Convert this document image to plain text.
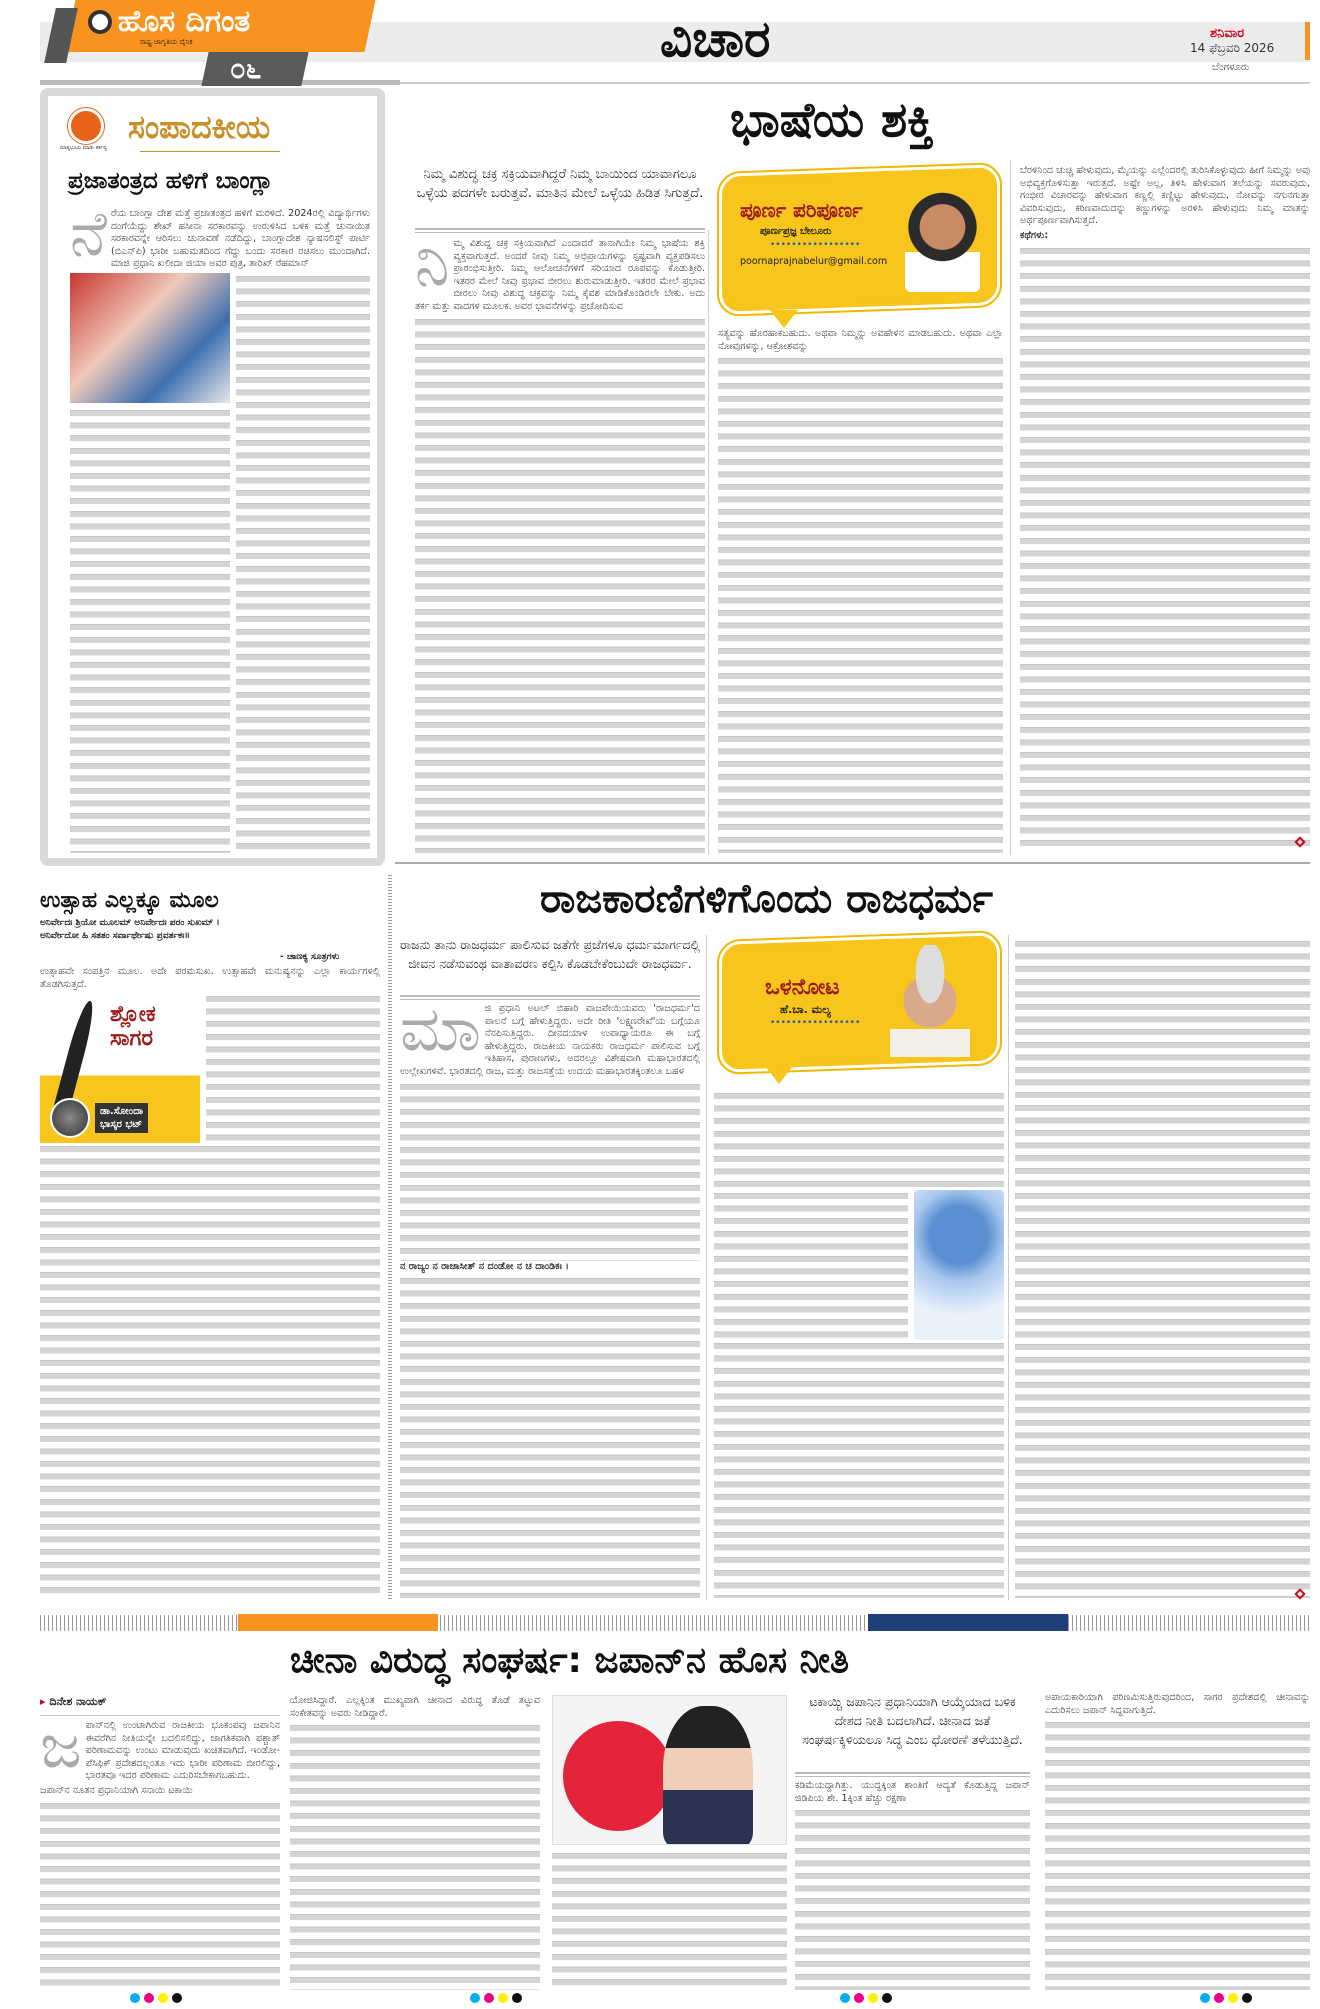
ಹೊಸ ದಿಗಂತ
ರಾಷ್ಟ್ರ ಜಾಗೃತಿಯ ದೈನಿಕ
೦೬
ವಿಚಾರ	ಶನಿವಾರ
14 ಫೆಬ್ರವರಿ 2026
ಬೆಂಗಳೂರು
ಮಾತೃಭೂಮಿ ಮಾಡು ಕರ್ತವ್ಯ
ಸಂಪಾದಕೀಯ
ಪ್ರಜಾತಂತ್ರದ ಹಳಿಗೆ ಬಾಂಗ್ಲಾ

ನೆರೆಯ ಬಾಂಗ್ಲಾ ದೇಶ ಮತ್ತೆ ಪ್ರಜಾತಂತ್ರದ ಹಳಿಗೆ ಮರಳಿದೆ. 2024ರಲ್ಲಿ ವಿದ್ಯಾರ್ಥಿಗಳು ದಂಗೆಯೆದ್ದು ಶೇಖ್ ಹಸೀನಾ ಸರಕಾರವನ್ನು ಉರುಳಿಸಿದ ಬಳಿಕ ಮತ್ತೆ ಚುನಾಯಿತ ಸರಕಾರವನ್ನೇ ಆರಿಸಲು ಚುನಾವಣೆ ನಡೆದಿದ್ದು, ಬಾಂಗ್ಲಾದೇಶ ನ್ಯಾಷನಲಿಸ್ಟ್ ಪಾರ್ಟಿ (ಬಿಎನ್‌ಪಿ) ಭಾರೀ ಬಹುಮತದಿಂದ ಗೆದ್ದು ಬಂದು ಸರಕಾರ ರಚಿಸಲು ಮುಂದಾಗಿದೆ. ಮಾಜಿ ಪ್ರಧಾನಿ ಖಲೀದಾ ಜಿಯಾ ಅವರ ಪುತ್ರ, ತಾರಿಖ್ ರೆಹಮಾನ್

ಭಾಷೆಯ ಶಕ್ತಿ
ನಿಮ್ಮ ವಿಶುದ್ಧ ಚಕ್ರ ಸಕ್ರಿಯವಾಗಿದ್ದರೆ ನಿಮ್ಮ ಬಾಯಿಂದ ಯಾವಾಗಲೂ ಒಳ್ಳೆಯ ಪದಗಳೇ ಬರುತ್ತವೆ. ಮಾತಿನ ಮೇಲೆ ಒಳ್ಳೆಯ ಹಿಡಿತ ಸಿಗುತ್ತದೆ.

ನಿಮ್ಮ ವಿಶುದ್ಧ ಚಕ್ರ ಸಕ್ರಿಯವಾಗಿದೆ ಎಂದಾದರೆ ತಾನಾಗಿಯೇ ನಿಮ್ಮ ಭಾಷೆಯ ಶಕ್ತಿ ವ್ಯಕ್ತವಾಗುತ್ತದೆ. ಅಂದರೆ ನೀವು ನಿಮ್ಮ ಅಭಿಪ್ರಾಯಗಳನ್ನು ಸ್ಪಷ್ಟವಾಗಿ ವ್ಯಕ್ತಪಡಿಸಲು ಪ್ರಾರಂಭಿಸುತ್ತೀರಿ. ನಿಮ್ಮ ಆಲೋಚನೆಗಳಿಗೆ ಸರಿಯಾದ ರೂಪವನ್ನು ಕೊಡುತ್ತೀರಿ. ಇತರರ ಮೇಲೆ ನೀವು ಪ್ರಭಾವ ಬೀರಲು ಶುರುಮಾಡುತ್ತೀರಿ. ಇತರರ ಮೇಲೆ ಪ್ರಭಾವ ಬೀರಲು ನೀವು ವಿಶುದ್ಧ ಚಕ್ರವನ್ನು ನಿಮ್ಮ ಕೈವಶ ಮಾಡಿಕೊಂಡಿರಲೇ ಬೇಕು. ಅದು ತರ್ಕ ಮತ್ತು ವಾದಗಳ ಮೂಲಕ. ಅವರ ಭಾವನೆಗಳನ್ನು ಪ್ರಚೋದಿಸುವ

ಪೂರ್ಣ ಪರಿಪೂರ್ಣ
ಪೂರ್ಣಪ್ರಜ್ಞ ಬೇಲೂರು
•••••••••••••••••
poornaprajnabelur@gmail.com

ಸತ್ಯವನ್ನು ಹೊರಹಾಕಬಹುದು. ಅಥವಾ ನಿಮ್ಮನ್ನು ಅವಹೇಳನ ಮಾಡಬಹುದು. ಅಥವಾ ಎಲ್ಲಾ ನೋವುಗಳನ್ನು, ಆಕ್ರೋಶವನ್ನು

ಬೆರಳಿನಿಂದ ಚುಚ್ಚಿ ಹೇಳುವುದು, ಮೈಯನ್ನು ಎಲ್ಲೆಂದರಲ್ಲಿ ತುರಿಸಿಕೊಳ್ಳುವುದು ಹೀಗೆ ನಿಮ್ಮನ್ನು ಅವು ಅಭಿವ್ಯಕ್ತಗೊಳಿಸುತ್ತಾ ಇರುತ್ತದೆ. ಅಷ್ಟೇ ಅಲ್ಲ, ತಿಳಿಸಿ ಹೇಳುವಾಗ ತಲೆಯನ್ನು ಸವರುವುದು, ಗಂಭೀರ ವಿಚಾರವನ್ನು ಹೇಳುವಾಗ ಕಣ್ಣಲ್ಲಿ ಕಣ್ಣಿಟ್ಟು ಹೇಳುವುದು, ನೋವನ್ನು ನಗುನಗುತ್ತಾ ವಿವರಿಸುವುದು, ಕಠಿಣವಾದುದನ್ನು ಕಣ್ಣುಗಳನ್ನು ಅರಳಿಸಿ ಹೇಳುವುದು ನಿಮ್ಮ ಮಾತನ್ನು ಅರ್ಥಪೂರ್ಣವಾಗಿಸುತ್ತದೆ.

ಕಥೆಗಳು:

ಉತ್ಸಾಹ ಎಲ್ಲಕ್ಕೂ ಮೂಲ
ಅನಿರ್ವೇದಃ ಶ್ರಿಯೋ ಮೂಲಮ್ ಅನಿರ್ವೇದಃ ಪರಂ ಸುಖಮ್ ।
ಅನಿರ್ವೇದೋ ಹಿ ಸತತಂ ಸರ್ವಾರ್ಥೇಷು ಪ್ರವರ್ತಕಃ॥
- ಚಾಣಕ್ಯ ಸೂತ್ರಗಳು

ಉತ್ಸಾಹವೇ ಸಂಪತ್ತಿನ ಮೂಲ. ಅದೇ ಪರಮಸುಖ. ಉತ್ಸಾಹವೇ ಮನುಷ್ಯನನ್ನು ಎಲ್ಲಾ ಕಾರ್ಯಗಳಲ್ಲಿ ತೊಡಗಿಸುತ್ತದೆ.

ಶ್ಲೋಕ
ಸಾಗರ
ಡಾ.ಸೋಂದಾ
ಭಾಸ್ಕರ ಭಟ್
ರಾಜಕಾರಣಿಗಳಿಗೊಂದು ರಾಜಧರ್ಮ
ರಾಜನು ತಾನು ರಾಜಧರ್ಮ ಪಾಲಿಸುವ ಜತೆಗೇ ಪ್ರಜೆಗಳೂ ಧರ್ಮಮಾರ್ಗದಲ್ಲಿ ಜೀವನ ನಡೆಸುವಂಥ ವಾತಾವರಣ ಕಲ್ಪಿಸಿ ಕೊಡಬೇಕೆಂಬುದೇ ರಾಜಧರ್ಮ.

ಮಾಜಿ ಪ್ರಧಾನಿ ಅಟಲ್ ಬಿಹಾರಿ ವಾಜಪೇಯಿಯವರು 'ರಾಜಧರ್ಮ'ದ ಪಾಲನೆ ಬಗ್ಗೆ ಹೇಳುತ್ತಿದ್ದರು. ಅದೇ ರೀತಿ 'ಲಕ್ಷ್ಮಣರೇಖೆ'ಯ ಬಗ್ಗೆಯೂ ನೆನಪಿಸುತ್ತಿದ್ದರು. ದೀನದಯಾಳ ಉಪಾಧ್ಯಾಯರೂ ಈ ಬಗ್ಗೆ ಹೇಳುತ್ತಿದ್ದರು. ರಾಜಕೀಯ ನಾಯಕರು ರಾಜಧರ್ಮ ಪಾಲಿಸುವ ಬಗ್ಗೆ ಇತಿಹಾಸ, ಪುರಾಣಗಳು, ಅದರಲ್ಲೂ ವಿಶೇಷವಾಗಿ ಮಹಾಭಾರತದಲ್ಲಿ ಉಲ್ಲೇಖಗಳಿವೆ. ಭಾರತದಲ್ಲಿ ರಾಜ, ಮತ್ತು ರಾಜಸತ್ತೆಯ ಉದಯ ಮಹಾಭಾರತಕ್ಕಿಂತಲೂ ಬಹಳ

ನ ರಾಜ್ಯಂ ನ ರಾಜಾಸೀತ್ ನ ದಂಡೋ ನ ಚ ದಾಂಡಿಕಃ ।

ಒಳನೋಟ
ಹೆ.ಬಾ. ಮಲ್ಯ
•••••••••••••••••
ಚೀನಾ ವಿರುದ್ಧ ಸಂಘರ್ಷ: ಜಪಾನ್‌ನ ಹೊಸ ನೀತಿ
▸ ದಿನೇಶ ನಾಯಕ್

ಜಪಾನ್‌ನಲ್ಲಿ ಉಂಟಾಗಿರುವ ರಾಜಕೀಯ ಭೂಕಂಪವು ಜಪಾನಿನ ಈವರೆಗಿನ ನೀತಿಯನ್ನೇ ಬದಲಿಸಲಿದ್ದು, ಜಾಗತಿಕವಾಗಿ ಪಶ್ಚಾತ್ ಪರಿಣಾಮವನ್ನು ಉಂಟು ಮಾಡುವುದು ಖಚಿತವಾಗಿದೆ. ಇಂಡೋ-ಪೆಸಿಫಿಕ್ ಪ್ರದೇಶದಲ್ಲಂತೂ ಇದು ಭಾರೀ ಪರಿಣಾಮ ಬೀರಲಿದ್ದು, ಭಾರತವೂ ಇದರ ಪರಿಣಾಮ ಎದುರಿಸಬೇಕಾಗಬಹುದು.

ಜಪಾನ್‌ನ ನೂತನ ಪ್ರಧಾನಿಯಾಗಿ ಸನಾಯಿ ಟಕಾಯಿ

ಯೋಜಿಸಿದ್ದಾರೆ. ಎಲ್ಲಕ್ಕಿಂತ ಮುಖ್ಯವಾಗಿ ಚೀನಾದ ವಿರುದ್ಧ ತೊಡೆ ತಟ್ಟುವ ಸಂಕೇತವನ್ನು ಅವರು ನೀಡಿದ್ದಾರೆ.

ಟಕಾಯ್ಚಿ ಜಪಾನಿನ ಪ್ರಧಾನಿಯಾಗಿ ಆಯ್ಕೆಯಾದ ಬಳಿಕ ದೇಶದ ನೀತಿ ಬದಲಾಗಿದೆ. ಚೀನಾದ ಜತೆ ಸಂಘರ್ಷಕ್ಕಿಳಿಯಲೂ ಸಿದ್ಧ ಎಂಬ ಧೋರಣೆ ತಳೆಯುತ್ತಿದೆ.

ಕಡಿಮೆಯದ್ದಾಗಿತ್ತು. ಯುದ್ಧಕ್ಕಿಂತ ಶಾಂತಿಗೆ ಆದ್ಯತೆ ಕೊಡುತ್ತಿದ್ದ ಜಪಾನ್ ಜಿಡಿಪಿಯ ಶೇ. 1ಕ್ಕಿಂತ ಹೆಚ್ಚು ರಕ್ಷಣಾ

ಅಪಾಯಕಾರಿಯಾಗಿ ಪರಿಣಮಿಸುತ್ತಿರುವುದರಿಂದ, ಸಾಗರ ಪ್ರದೇಶದಲ್ಲಿ ಚೀನಾವನ್ನು ಎದುರಿಸಲು ಜಪಾನ್ ಸಿದ್ಧವಾಗುತ್ತಿದೆ.
